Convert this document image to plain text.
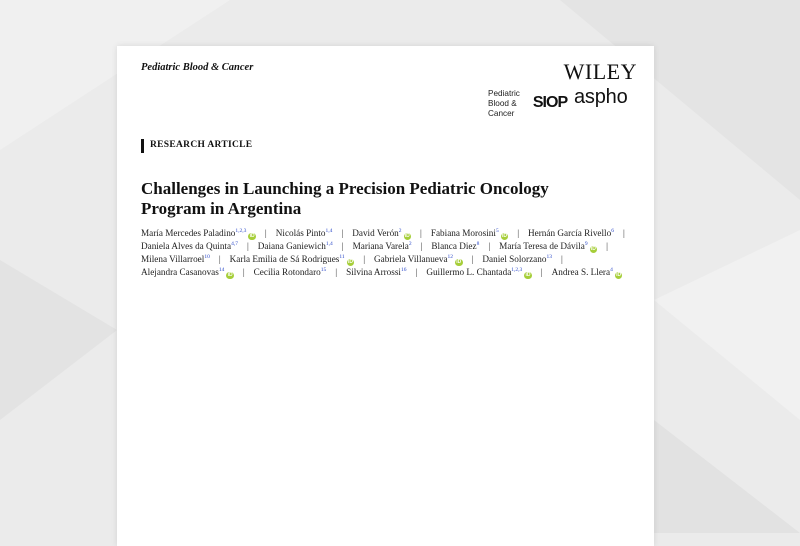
Pediatric Blood & Cancer	WILEY
Pediatric
Blood &
Cancer
SIOP aspho
RESEARCH ARTICLE
Challenges in Launching a Precision Pediatric Oncology
Program in Argentina
María Mercedes Paladino$^{1,2,3}$iD | Nicolás Pinto$^{1,4}$ | David Verón$^2$iD | Fabiana Morosini$^5$iD | Hernán García Rivello$^6$ |
Daniela Alves da Quinta$^{4,7}$ | Daiana Ganiewich$^{1,4}$ | Mariana Varela$^2$ | Blanca Diez$^8$ | María Teresa de Dávila$^9$iD |
Milena Villarroel$^{10}$ | Karla Emilia de Sá Rodrigues$^{11}$iD | Gabriela Villanueva$^{12}$iD | Daniel Solorzano$^{13}$ |
Alejandra Casanovas$^{14}$iD | Cecilia Rotondaro$^{15}$ | Silvina Arrossi$^{16}$ | Guillermo L. Chantada$^{1,2,3}$iD | Andrea S. Llera$^4$iD
